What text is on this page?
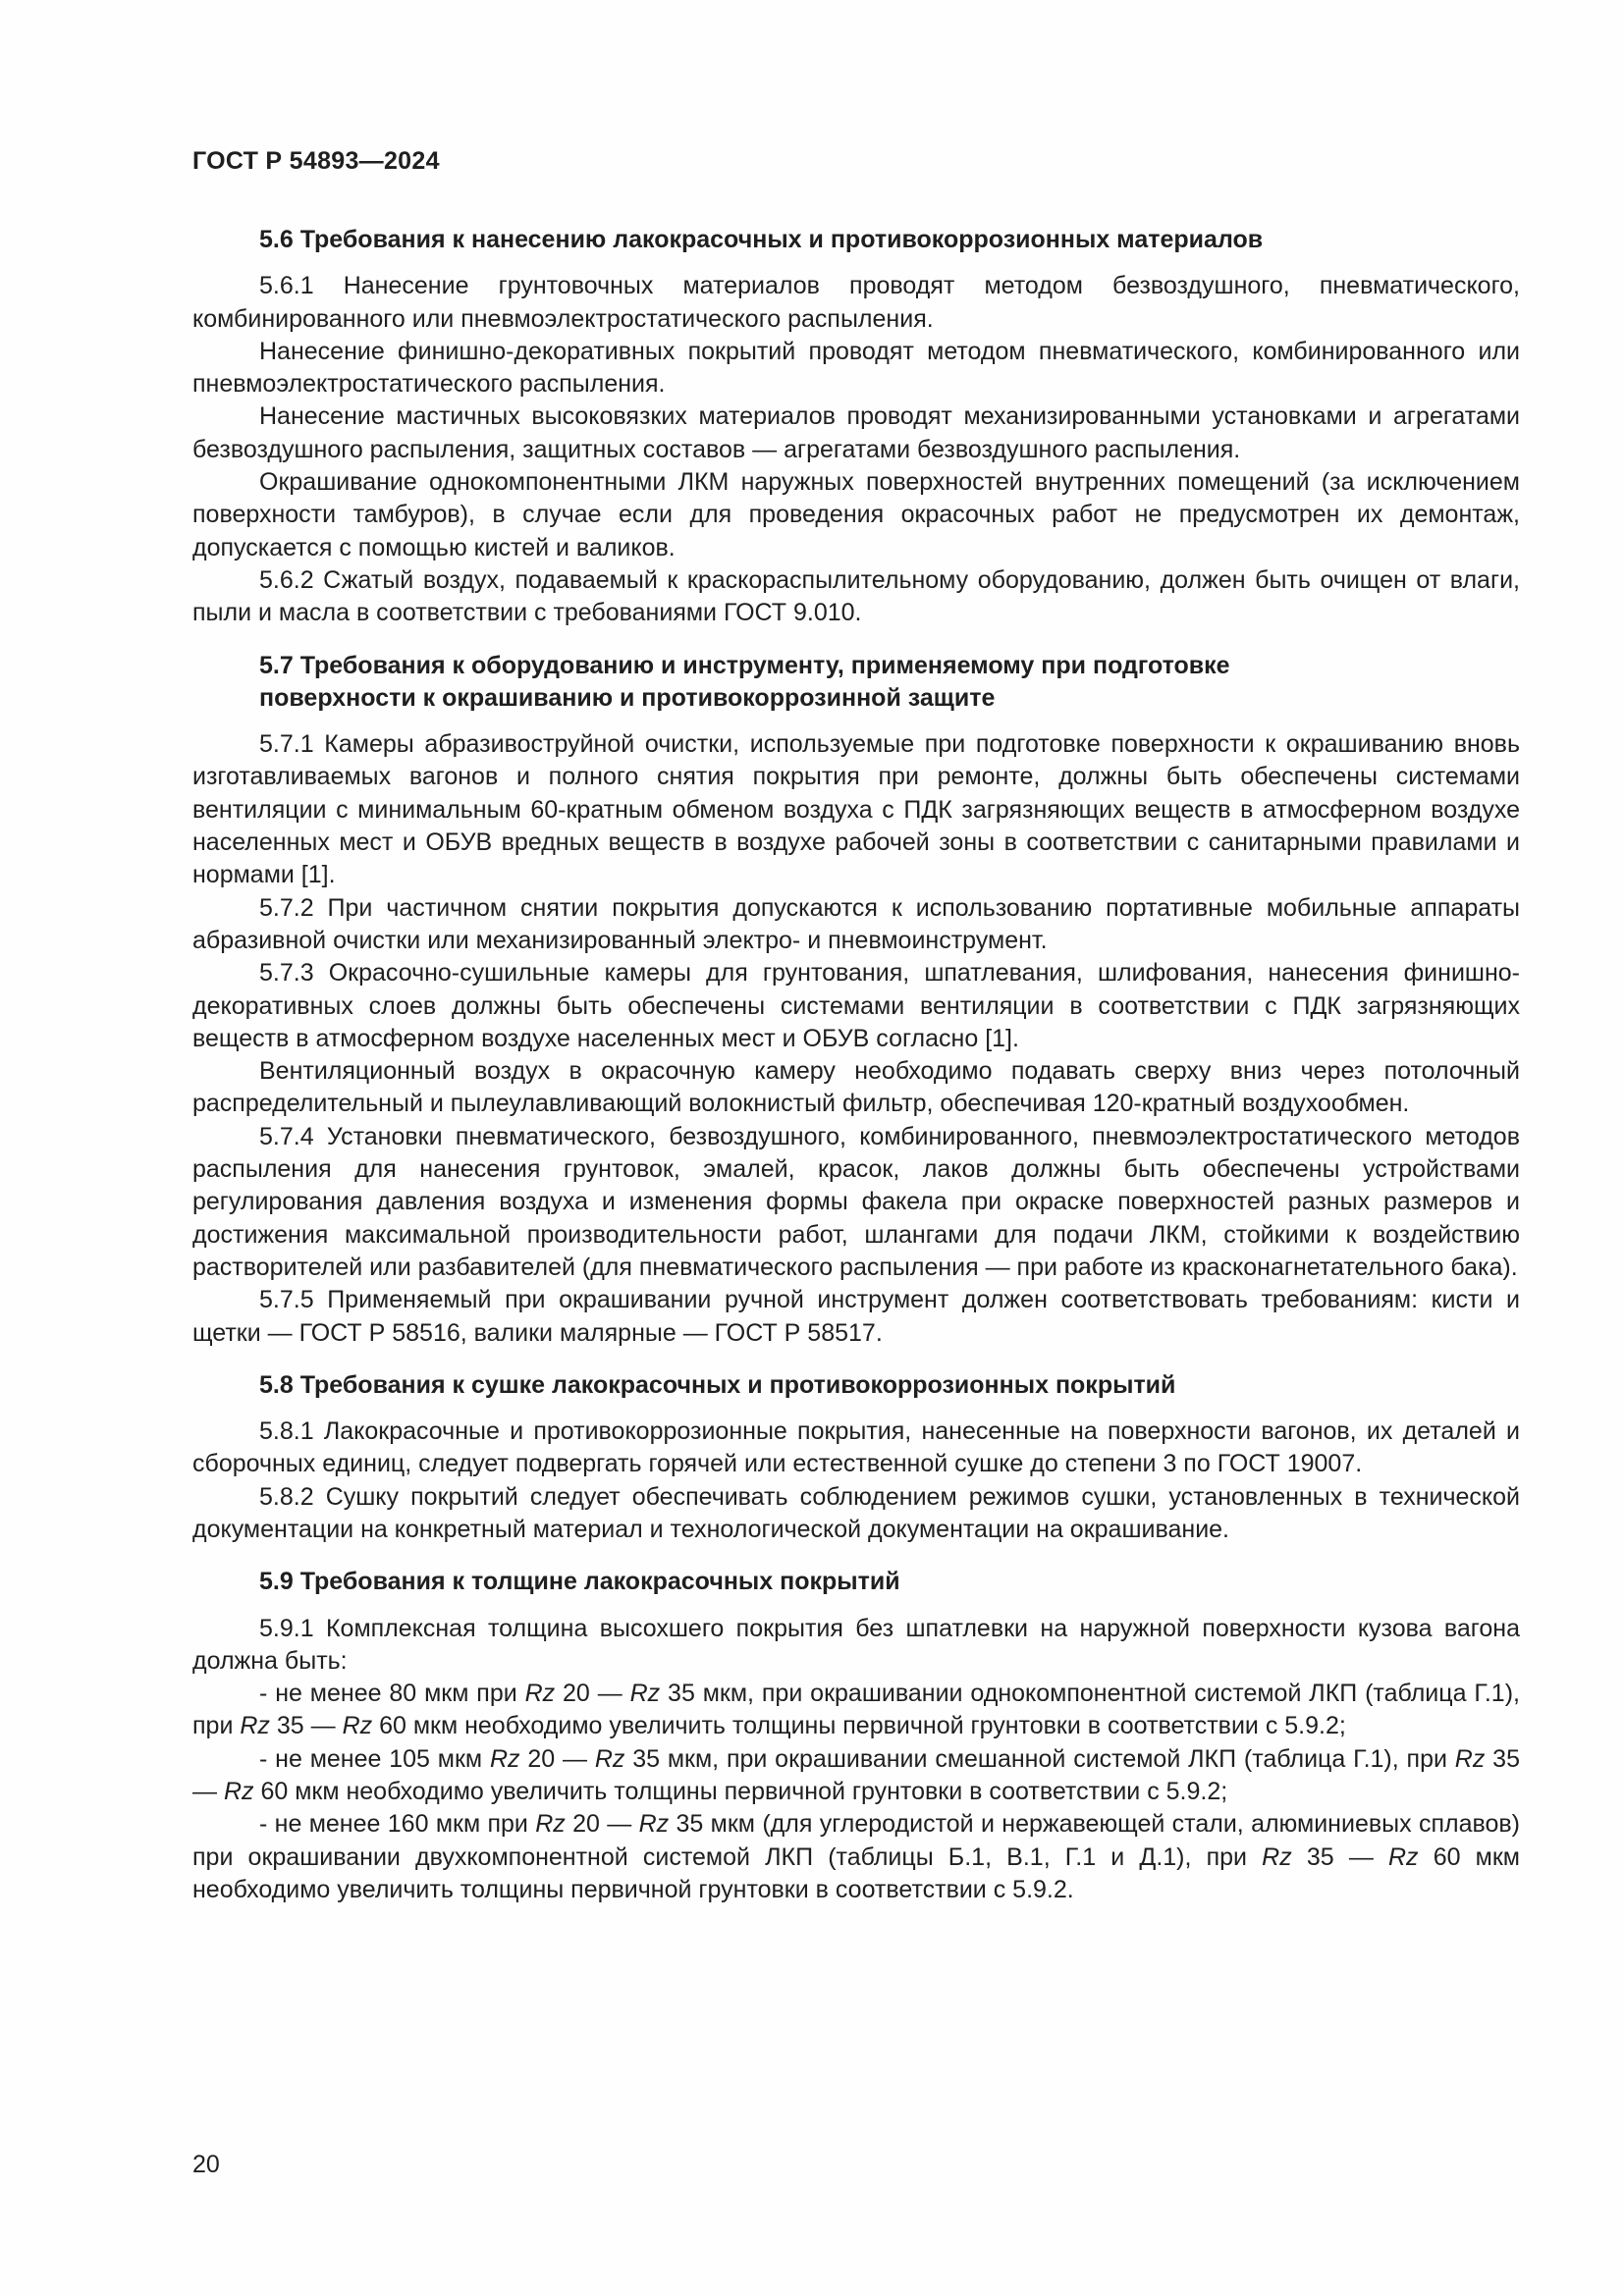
ГОСТ Р 54893—2024

5.6 Требования к нанесению лакокрасочных и противокоррозионных материалов

5.6.1 Нанесение грунтовочных материалов проводят методом безвоздушного, пневматического, комбинированного или пневмоэлектростатического распыления.

Нанесение финишно-декоративных покрытий проводят методом пневматического, комбинированного или пневмоэлектростатического распыления.

Нанесение мастичных высоковязких материалов проводят механизированными установками и агрегатами безвоздушного распыления, защитных составов — агрегатами безвоздушного распыления.

Окрашивание однокомпонентными ЛКМ наружных поверхностей внутренних помещений (за исключением поверхности тамбуров), в случае если для проведения окрасочных работ не предусмотрен их демонтаж, допускается с помощью кистей и валиков.

5.6.2 Сжатый воздух, подаваемый к краскораспылительному оборудованию, должен быть очищен от влаги, пыли и масла в соответствии с требованиями ГОСТ 9.010.

5.7 Требования к оборудованию и инструменту, применяемому при подготовке
поверхности к окрашиванию и противокоррозинной защите

5.7.1 Камеры абразивоструйной очистки, используемые при подготовке поверхности к окрашиванию вновь изготавливаемых вагонов и полного снятия покрытия при ремонте, должны быть обеспечены системами вентиляции с минимальным 60-кратным обменом воздуха с ПДК загрязняющих веществ в атмосферном воздухе населенных мест и ОБУВ вредных веществ в воздухе рабочей зоны в соответствии с санитарными правилами и нормами [1].

5.7.2 При частичном снятии покрытия допускаются к использованию портативные мобильные аппараты абразивной очистки или механизированный электро- и пневмоинструмент.

5.7.3 Окрасочно-сушильные камеры для грунтования, шпатлевания, шлифования, нанесения финишно-декоративных слоев должны быть обеспечены системами вентиляции в соответствии с ПДК загрязняющих веществ в атмосферном воздухе населенных мест и ОБУВ согласно [1].

Вентиляционный воздух в окрасочную камеру необходимо подавать сверху вниз через потолочный распределительный и пылеулавливающий волокнистый фильтр, обеспечивая 120-кратный воздухообмен.

5.7.4 Установки пневматического, безвоздушного, комбинированного, пневмоэлектростатического методов распыления для нанесения грунтовок, эмалей, красок, лаков должны быть обеспечены устройствами регулирования давления воздуха и изменения формы факела при окраске поверхностей разных размеров и достижения максимальной производительности работ, шлангами для подачи ЛКМ, стойкими к воздействию растворителей или разбавителей (для пневматического распыления — при работе из красконагнетательного бака).

5.7.5 Применяемый при окрашивании ручной инструмент должен соответствовать требованиям: кисти и щетки — ГОСТ Р 58516, валики малярные — ГОСТ Р 58517.

5.8 Требования к сушке лакокрасочных и противокоррозионных покрытий

5.8.1 Лакокрасочные и противокоррозионные покрытия, нанесенные на поверхности вагонов, их деталей и сборочных единиц, следует подвергать горячей или естественной сушке до степени 3 по ГОСТ 19007.

5.8.2 Сушку покрытий следует обеспечивать соблюдением режимов сушки, установленных в технической документации на конкретный материал и технологической документации на окрашивание.

5.9 Требования к толщине лакокрасочных покрытий

5.9.1 Комплексная толщина высохшего покрытия без шпатлевки на наружной поверхности кузова вагона должна быть:

- не менее 80 мкм при Rz 20 — Rz 35 мкм, при окрашивании однокомпонентной системой ЛКП (таблица Г.1), при Rz 35 — Rz 60 мкм необходимо увеличить толщины первичной грунтовки в соответствии с 5.9.2;
- не менее 105 мкм Rz 20 — Rz 35 мкм, при окрашивании смешанной системой ЛКП (таблица Г.1), при Rz 35 — Rz 60 мкм необходимо увеличить толщины первичной грунтовки в соответствии с 5.9.2;
- не менее 160 мкм при Rz 20 — Rz 35 мкм (для углеродистой и нержавеющей стали, алюминиевых сплавов) при окрашивании двухкомпонентной системой ЛКП (таблицы Б.1, В.1, Г.1 и Д.1), при Rz 35 — Rz 60 мкм необходимо увеличить толщины первичной грунтовки в соответствии с 5.9.2.
20
